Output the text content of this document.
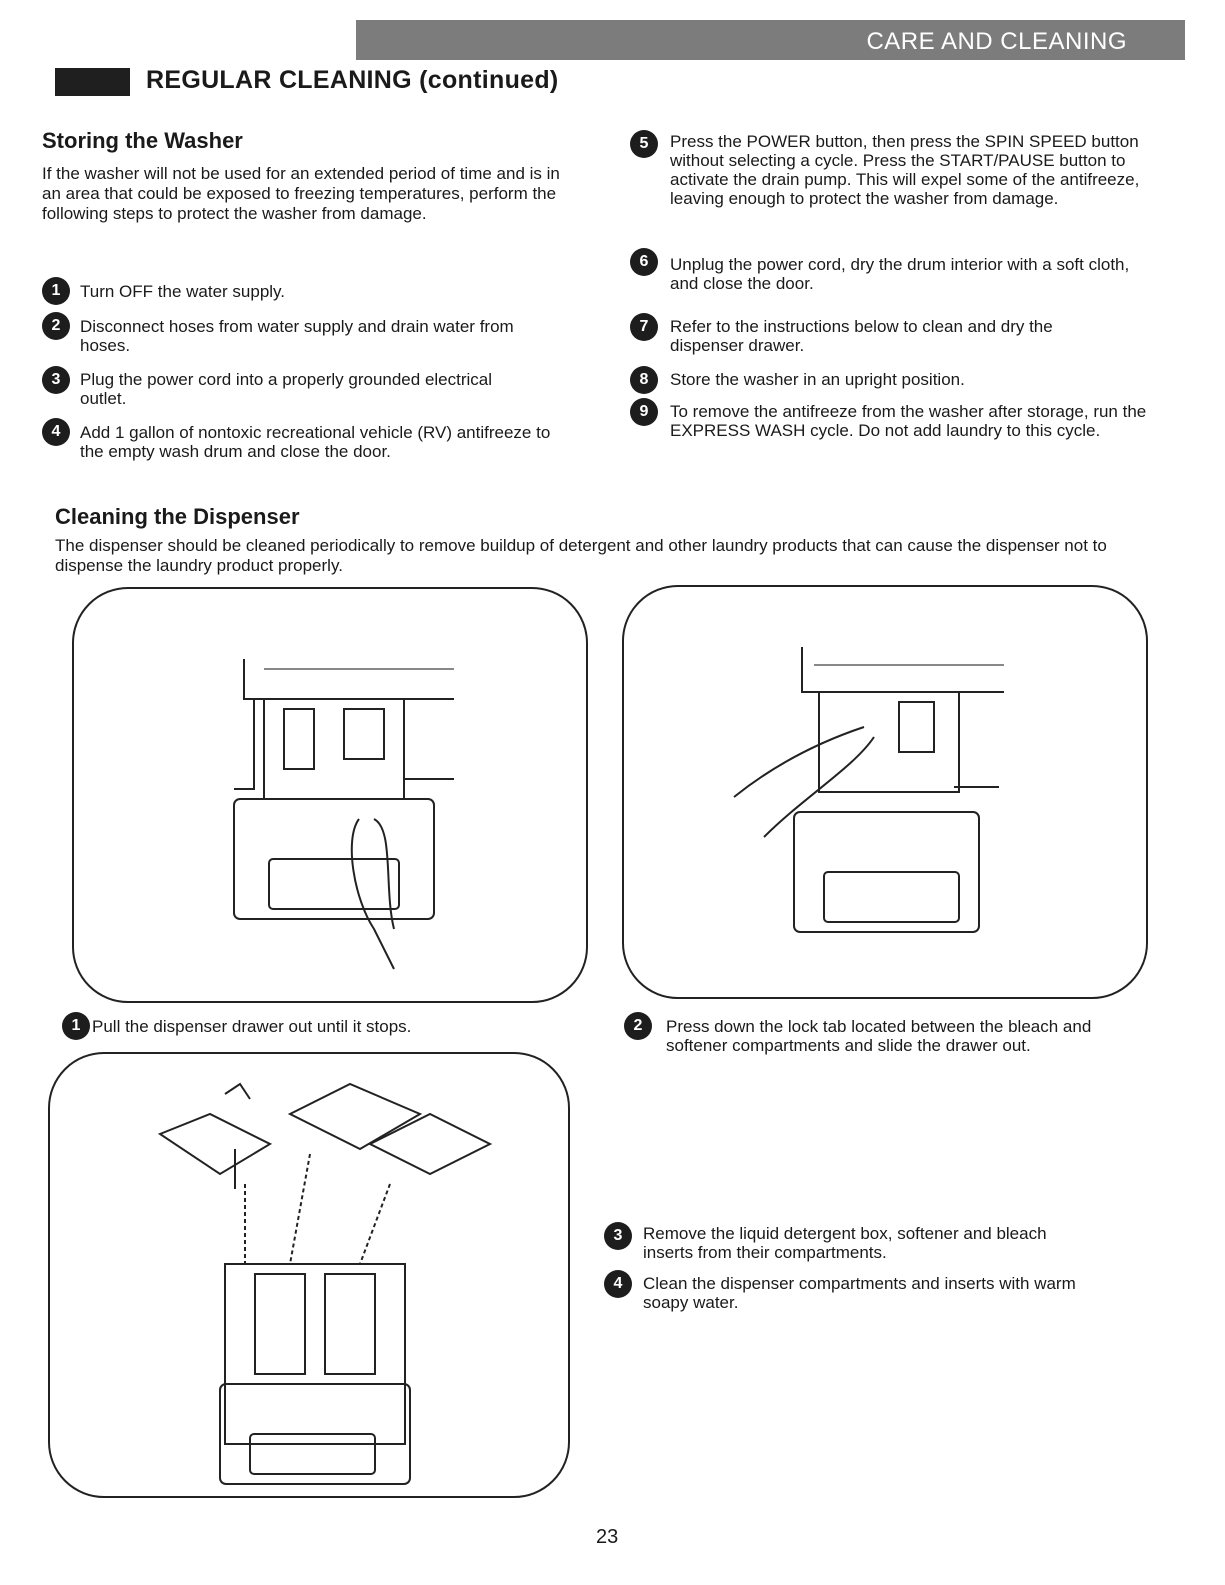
CARE AND CLEANING
REGULAR CLEANING (continued)
Storing the Washer
If the washer will not be used for an extended period of time and is in an area that could be exposed to freezing temperatures, perform the following steps to protect the washer from damage.
1	Turn OFF the water supply.
2	Disconnect hoses from water supply and drain water from hoses.
3	Plug the power cord into a properly grounded electrical outlet.
4	Add 1 gallon of nontoxic recreational vehicle (RV) antifreeze to the empty wash drum and close the door.
5	Press the POWER button, then press the SPIN SPEED button without selecting a cycle. Press the START/PAUSE button to activate the drain pump. This will expel some of the antifreeze, leaving enough to protect the washer from damage.
6	Unplug the power cord, dry the drum interior with a soft cloth, and close the door.
7	Refer to the instructions below to clean and dry the dispenser drawer.
8	Store the washer in an upright position.
9	To remove the antifreeze from the washer after storage, run the EXPRESS WASH cycle. Do not add laundry to this cycle.
Cleaning the Dispenser
The dispenser should be cleaned periodically to remove buildup of detergent and other laundry products that can cause the dispenser not to dispense the laundry product properly.
1 Pull the dispenser drawer out until it stops.	2	Press down the lock tab located between the bleach and softener compartments and slide the drawer out.
3	Remove the liquid detergent box, softener and bleach inserts from their compartments.
4	Clean the dispenser compartments and inserts with warm soapy water.
23
